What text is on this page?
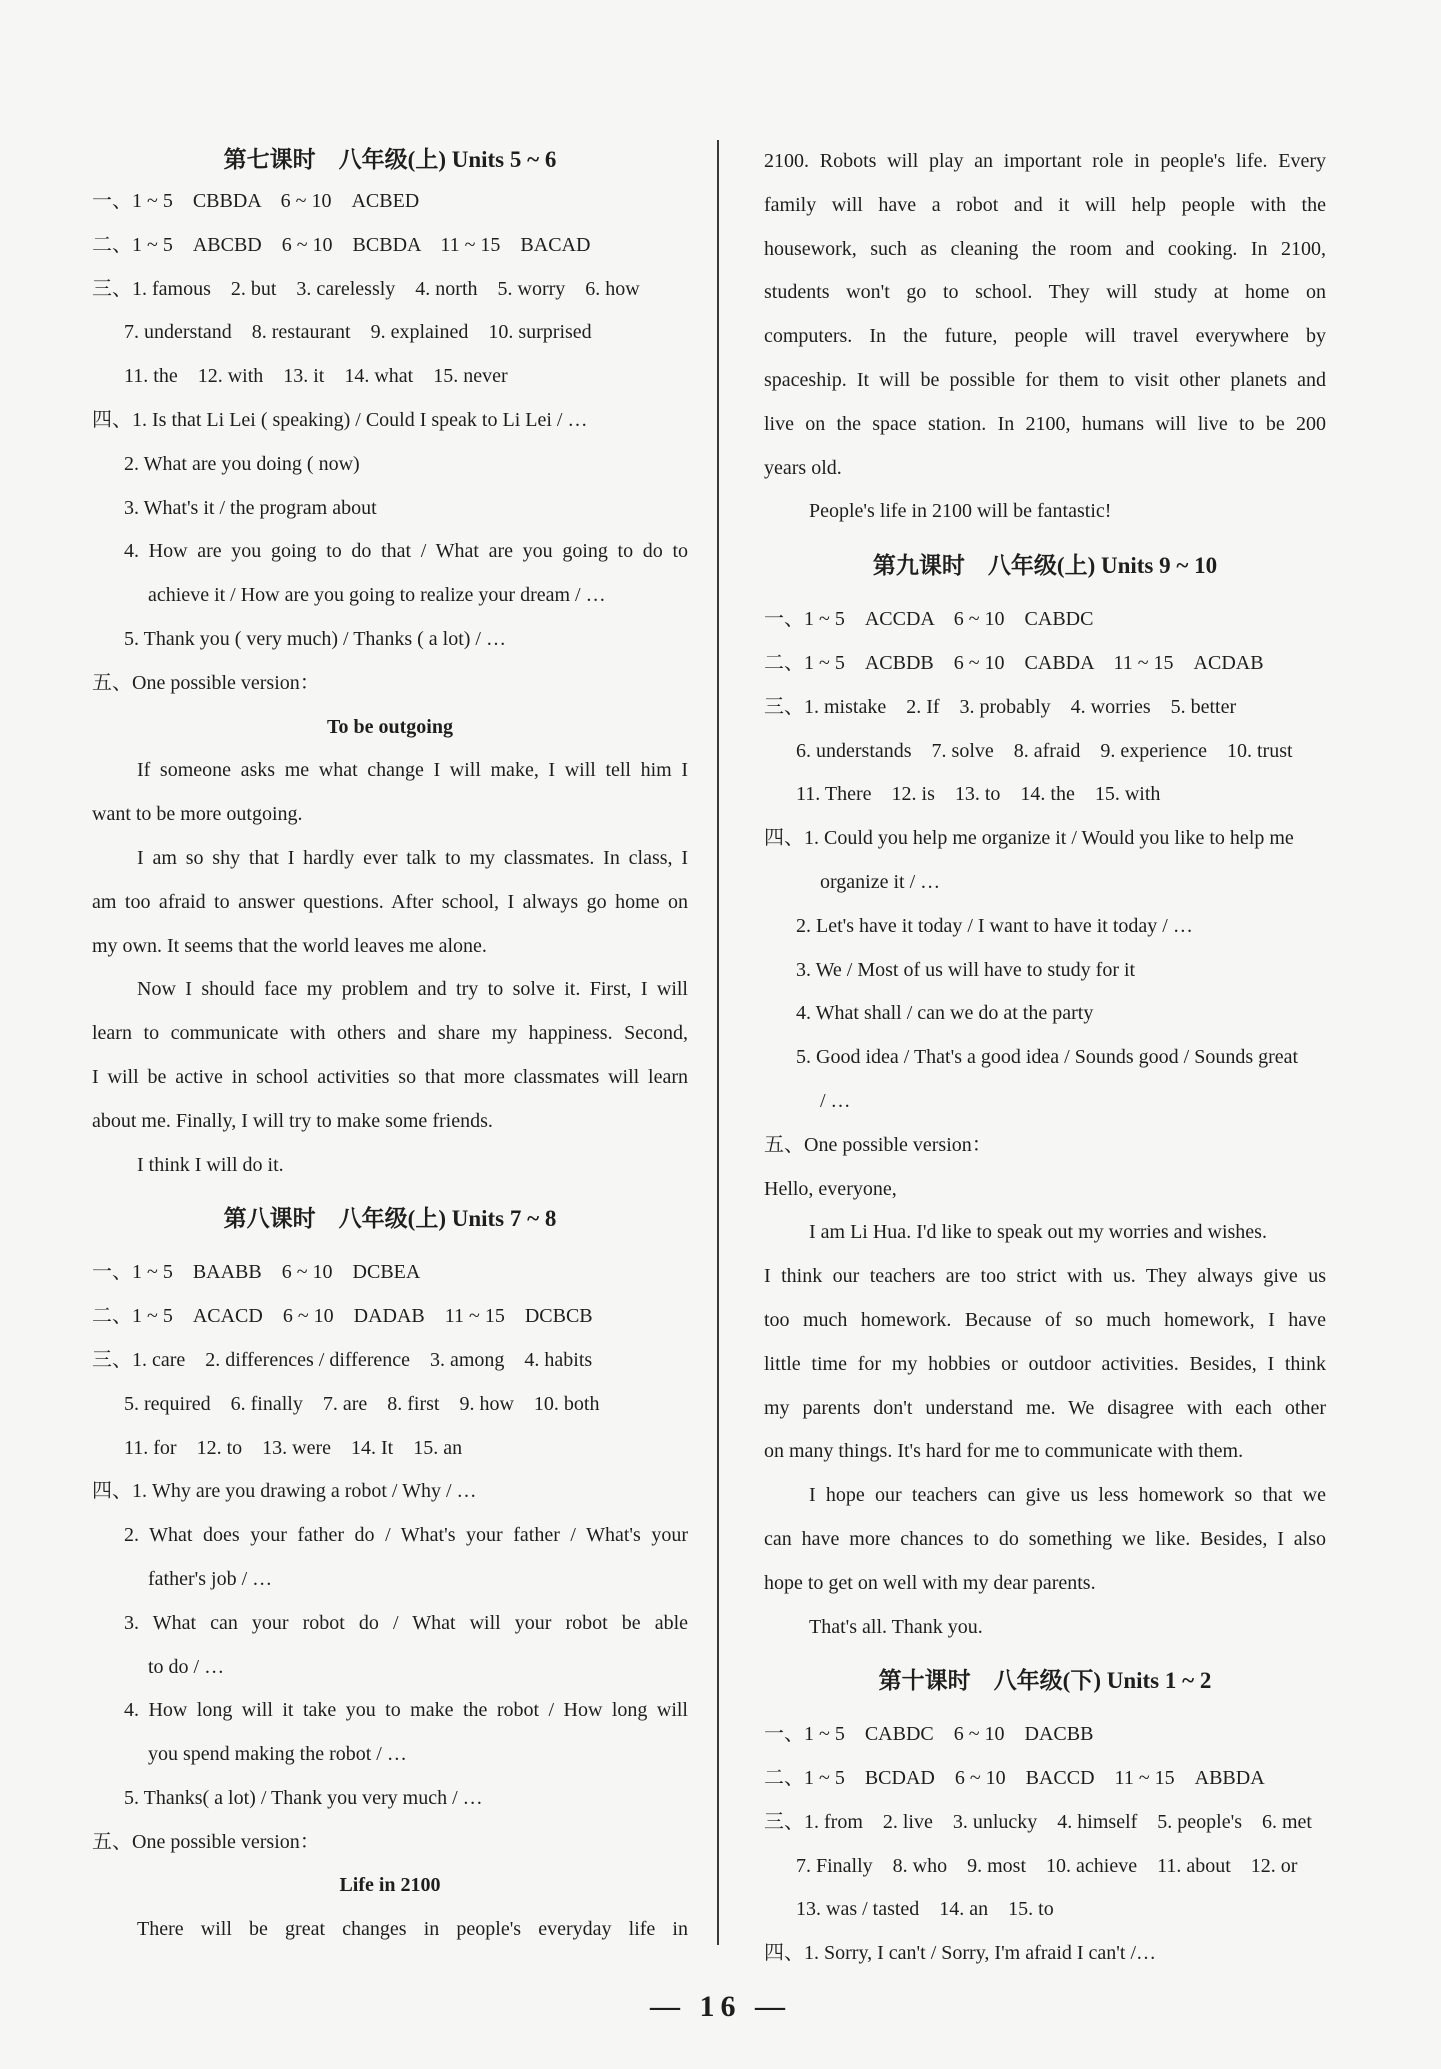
第七课时　八年级(上) Units 5 ~ 6
一、1 ~ 5　CBBDA　6 ~ 10　ACBED
二、1 ~ 5　ABCBD　6 ~ 10　BCBDA　11 ~ 15　BACAD
三、1. famous　2. but　3. carelessly　4. north　5. worry　6. how
7. understand　8. restaurant　9. explained　10. surprised
11. the　12. with　13. it　14. what　15. never
四、1. Is that Li Lei ( speaking) / Could I speak to Li Lei / …
2. What are you doing ( now)
3. What's it / the program about
4. How are you going to do that / What are you going to do to
achieve it / How are you going to realize your dream / …
5. Thank you ( very much) / Thanks ( a lot) / …
五、One possible version：
To be outgoing
If someone asks me what change I will make, I will tell him I
want to be more outgoing.
I am so shy that I hardly ever talk to my classmates. In class, I
am too afraid to answer questions. After school, I always go home on
my own. It seems that the world leaves me alone.
Now I should face my problem and try to solve it. First, I will
learn to communicate with others and share my happiness. Second,
I will be active in school activities so that more classmates will learn
about me. Finally, I will try to make some friends.
I think I will do it.
第八课时　八年级(上) Units 7 ~ 8
一、1 ~ 5　BAABB　6 ~ 10　DCBEA
二、1 ~ 5　ACACD　6 ~ 10　DADAB　11 ~ 15　DCBCB
三、1. care　2. differences / difference　3. among　4. habits
5. required　6. finally　7. are　8. first　9. how　10. both
11. for　12. to　13. were　14. It　15. an
四、1. Why are you drawing a robot / Why / …
2. What does your father do / What's your father / What's your
father's job / …
3. What can your robot do / What will your robot be able
to do / …
4. How long will it take you to make the robot / How long will
you spend making the robot / …
5. Thanks( a lot) / Thank you very much / …
五、One possible version：
Life in 2100
There will be great changes in people's everyday life in
2100. Robots will play an important role in people's life. Every
family will have a robot and it will help people with the
housework, such as cleaning the room and cooking. In 2100,
students won't go to school. They will study at home on
computers. In the future, people will travel everywhere by
spaceship. It will be possible for them to visit other planets and
live on the space station. In 2100, humans will live to be 200
years old.
People's life in 2100 will be fantastic!
第九课时　八年级(上) Units 9 ~ 10
一、1 ~ 5　ACCDA　6 ~ 10　CABDC
二、1 ~ 5　ACBDB　6 ~ 10　CABDA　11 ~ 15　ACDAB
三、1. mistake　2. If　3. probably　4. worries　5. better
6. understands　7. solve　8. afraid　9. experience　10. trust
11. There　12. is　13. to　14. the　15. with
四、1. Could you help me organize it / Would you like to help me
organize it / …
2. Let's have it today / I want to have it today / …
3. We / Most of us will have to study for it
4. What shall / can we do at the party
5. Good idea / That's a good idea / Sounds good / Sounds great
/ …
五、One possible version：
Hello, everyone,
I am Li Hua. I'd like to speak out my worries and wishes.
I think our teachers are too strict with us. They always give us
too much homework. Because of so much homework, I have
little time for my hobbies or outdoor activities. Besides, I think
my parents don't understand me. We disagree with each other
on many things. It's hard for me to communicate with them.
I hope our teachers can give us less homework so that we
can have more chances to do something we like. Besides, I also
hope to get on well with my dear parents.
That's all. Thank you.
第十课时　八年级(下) Units 1 ~ 2
一、1 ~ 5　CABDC　6 ~ 10　DACBB
二、1 ~ 5　BCDAD　6 ~ 10　BACCD　11 ~ 15　ABBDA
三、1. from　2. live　3. unlucky　4. himself　5. people's　6. met
7. Finally　8. who　9. most　10. achieve　11. about　12. or
13. was / tasted　14. an　15. to
四、1. Sorry, I can't / Sorry, I'm afraid I can't /…
— 16 —
